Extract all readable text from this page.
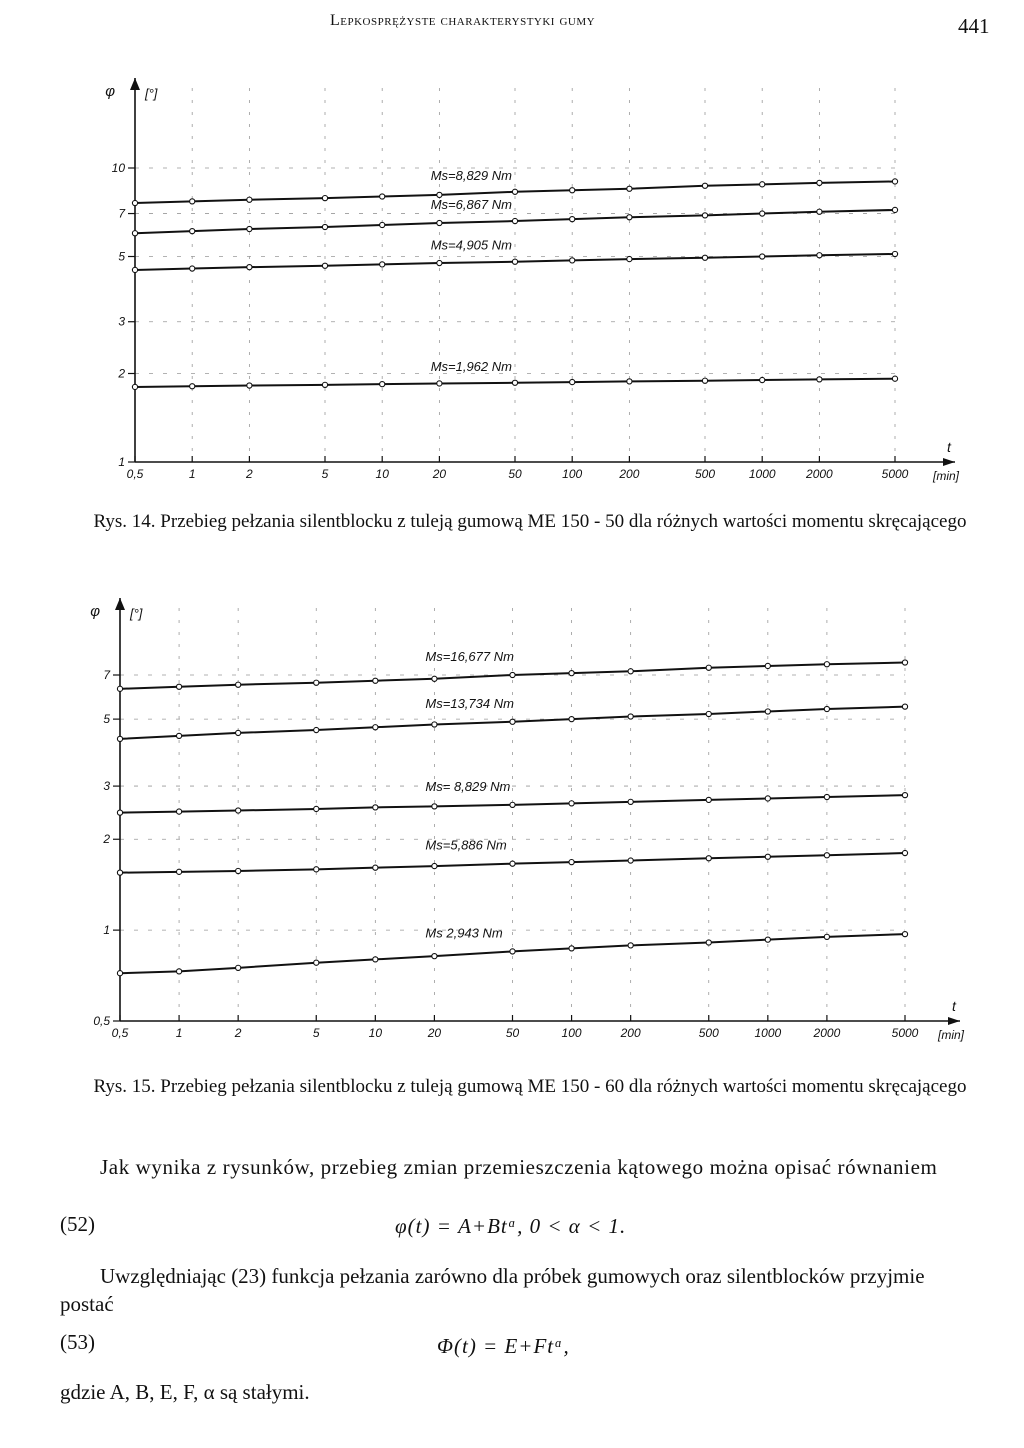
Lepkosprężyste charakterystyki gumy	441
1
2
3
5
7
10
0,5	1	2	5	10	20	50	100	200	500	1000	2000	5000
φ [°]
t
[min]
Ms=8,829 Nm
Ms=6,867 Nm
Ms=4,905 Nm
Ms=1,962 Nm
Rys. 14. Przebieg pełzania silentblocku z tuleją gumową ME 150 - 50 dla różnych wartości momentu skręcającego
0,5
1
2
3
5
7
0,5	1	2	5	10	20	50	100	200	500	1000	2000	5000
φ [°]
t
[min]
Ms=16,677 Nm
Ms=13,734 Nm
Ms= 8,829 Nm
Ms=5,886 Nm
Ms 2,943 Nm
Rys. 15. Przebieg pełzania silentblocku z tuleją gumową ME 150 - 60 dla różnych wartości momentu skręcającego
Jak wynika z rysunków, przebieg zmian przemieszczenia kątowego można opisać równaniem
(52)	φ(t) = A+Btᵅ, 0 < α < 1.
Uwzględniając (23) funkcja pełzania zarówno dla próbek gumowych oraz silentblocków przyjmie postać
(53)	Φ(t) = E+Ftᵅ,
gdzie A, B, E, F, α są stałymi.
